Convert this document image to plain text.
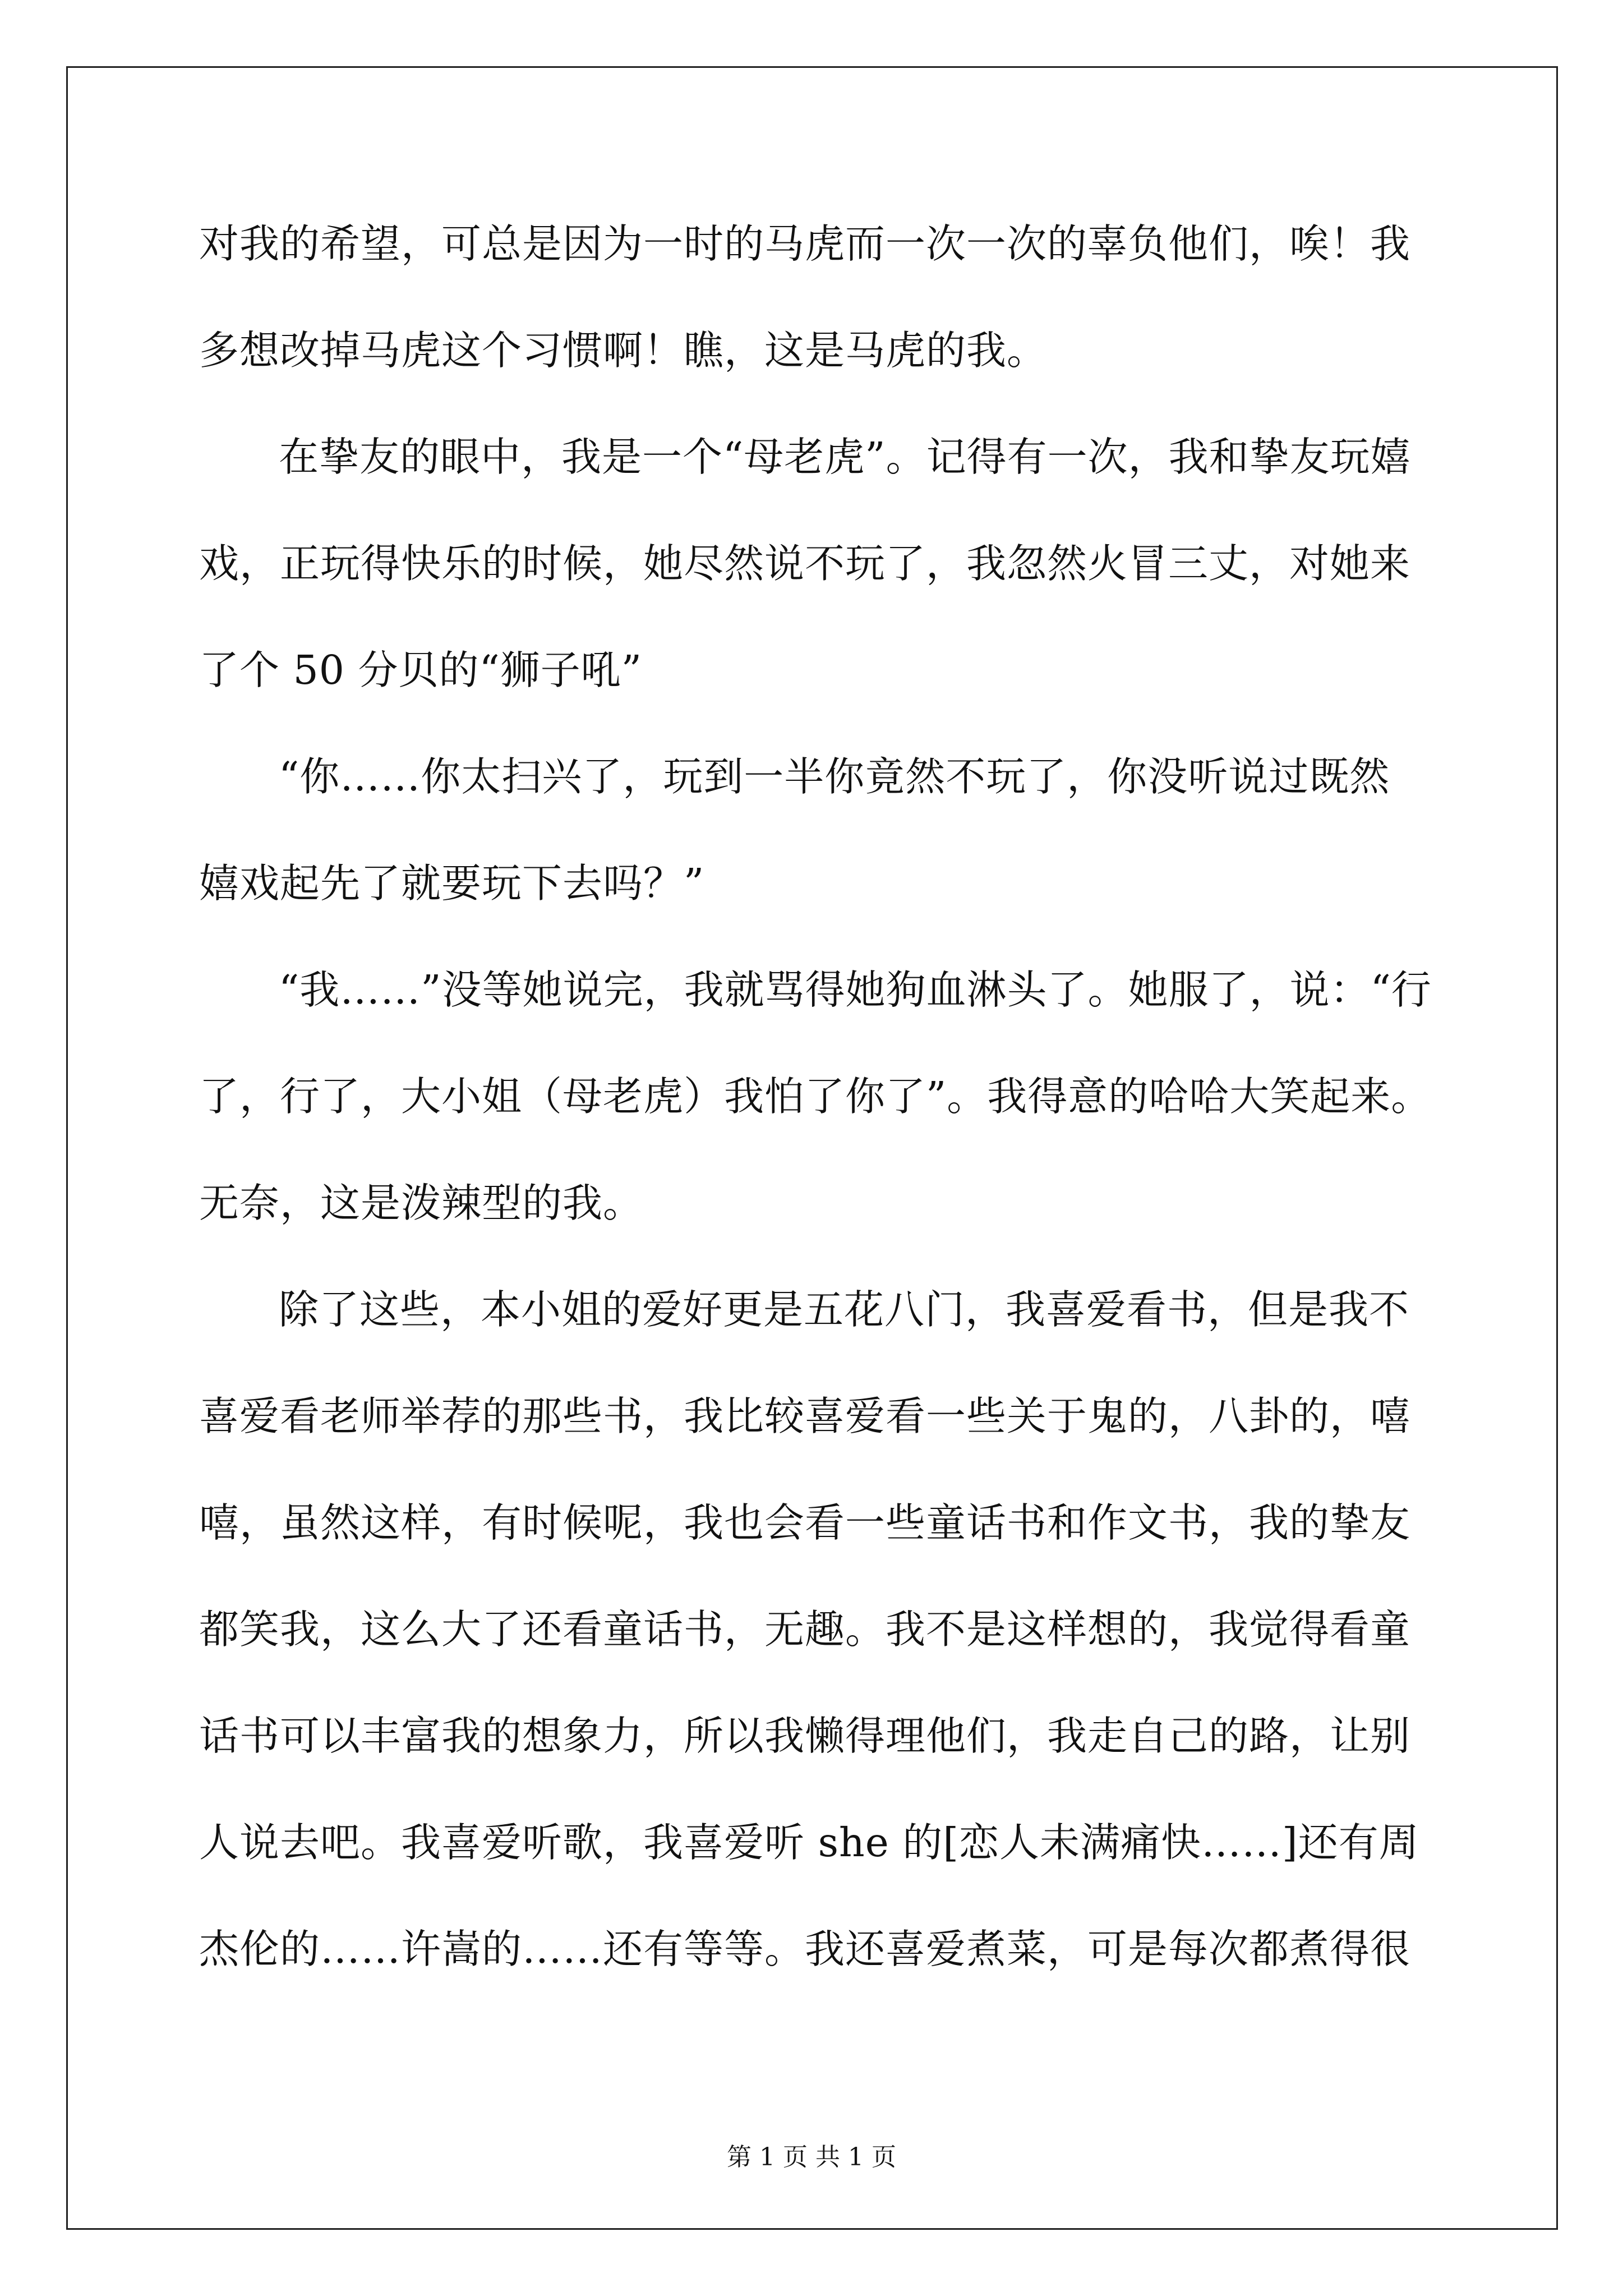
对我的希望，可总是因为一时的马虎而一次一次的辜负他们，唉！我
多想改掉马虎这个习惯啊！瞧，这是马虎的我。
在挚友的眼中，我是一个“母老虎”。记得有一次，我和挚友玩嬉
戏，正玩得快乐的时候，她尽然说不玩了，我忽然火冒三丈，对她来
了个 50 分贝的“狮子吼”
“你……你太扫兴了，玩到一半你竟然不玩了，你没听说过既然
嬉戏起先了就要玩下去吗？”
“我……”没等她说完，我就骂得她狗血淋头了。她服了，说：“行
了，行了，大小姐（母老虎）我怕了你了”。我得意的哈哈大笑起来。
无奈，这是泼辣型的我。
除了这些，本小姐的爱好更是五花八门，我喜爱看书，但是我不
喜爱看老师举荐的那些书，我比较喜爱看一些关于鬼的，八卦的，嘻
嘻，虽然这样，有时候呢，我也会看一些童话书和作文书，我的挚友
都笑我，这么大了还看童话书，无趣。我不是这样想的，我觉得看童
话书可以丰富我的想象力，所以我懒得理他们，我走自己的路，让别
人说去吧。我喜爱听歌，我喜爱听 she 的[恋人未满痛快……]还有周
杰伦的……许嵩的……还有等等。我还喜爱煮菜，可是每次都煮得很
第 1 页 共 1 页
